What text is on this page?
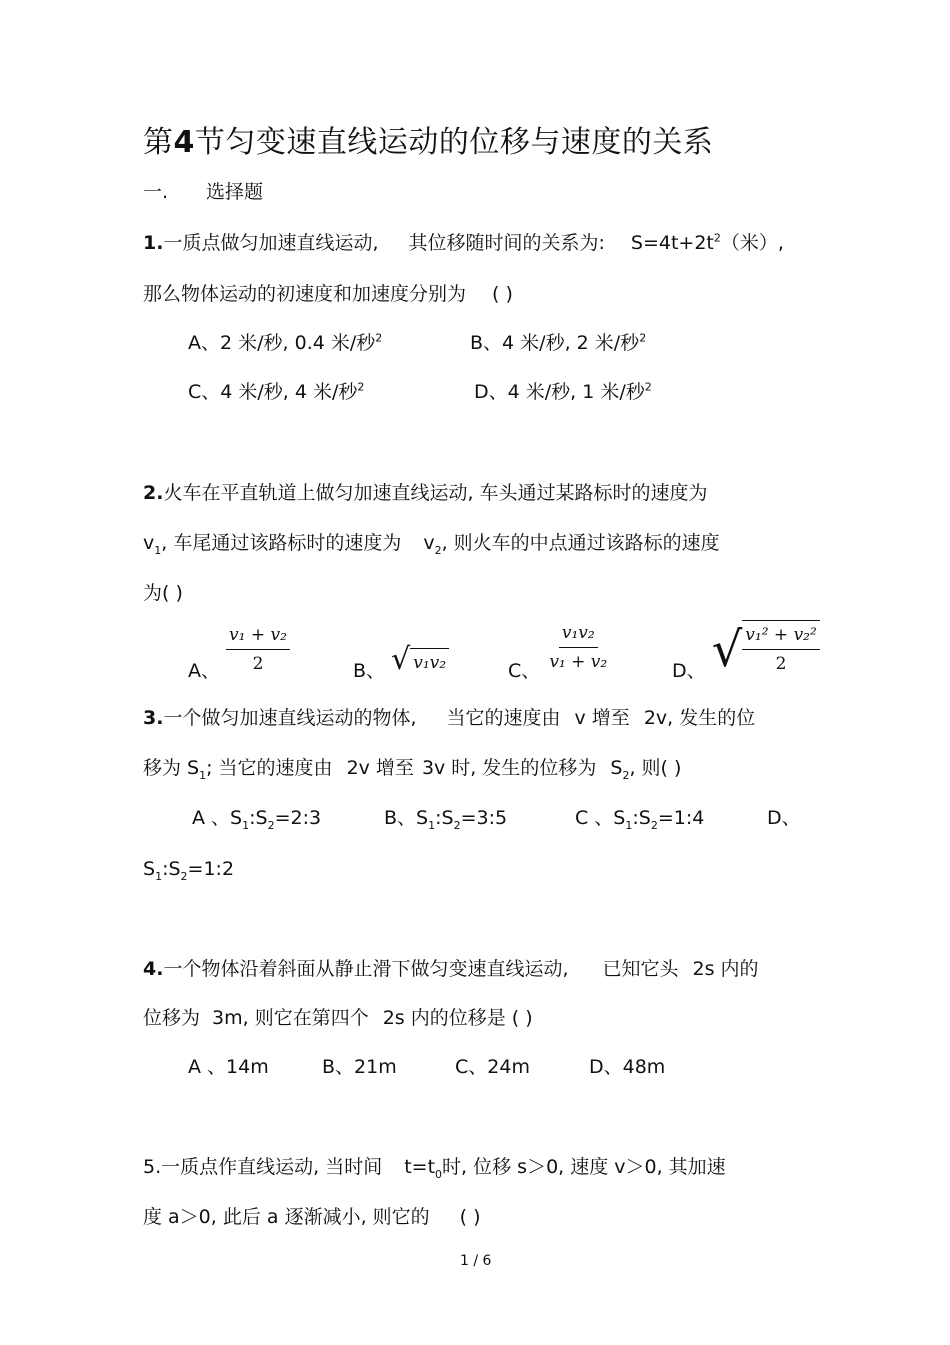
第4节匀变速直线运动的位移与速度的关系
一. 选择题
1.一质点做匀加速直线运动, 其位移随时间的关系为: $S=4t+2t^2$（米）,
那么物体运动的初速度和加速度分别为 ( )
A、2 米/秒, 0.4 米/秒$^2$	B、4 米/秒, 2 米/秒$^2$
C、4 米/秒, 4 米/秒$^2$	D、4 米/秒, 1 米/秒$^2$
2.火车在平直轨道上做匀加速直线运动, 车头通过某路标时的速度为
$v_1$, 车尾通过该路标时的速度为 $v_2$, 则火车的中点通过该路标的速度
为( )
A、 $\frac{\text{v₁ + v₂}}{2}$	B、 √ v₁v₂	C、 $\frac{\text{v₁v₂}}{\text{v₁ + v₂}}$	D、 √ $\frac{\text{v₁² + v₂²}}{2}$
3.一个做匀加速直线运动的物体, 当它的速度由 v 增至 2v, 发生的位
移为 $S_1$; 当它的速度由 2v 增至 3v 时, 发生的位移为 $S_2$, 则( )
A 、$S_1:S_2=2:3$	B、$S_1:S_2=3:5$	C 、$S_1:S_2=1:4$	D、
$S_1:S_2=1:2$
4.一个物体沿着斜面从静止滑下做匀变速直线运动, 已知它头 2s 内的
位移为 3m, 则它在第四个 2s 内的位移是 ( )
A 、14m	B、21m	C、24m	D、48m
5.一质点作直线运动, 当时间 $t=t_0$时, 位移 s＞0, 速度 v＞0, 其加速
度 a＞0, 此后 a 逐渐减小, 则它的 ( )
1 / 6
